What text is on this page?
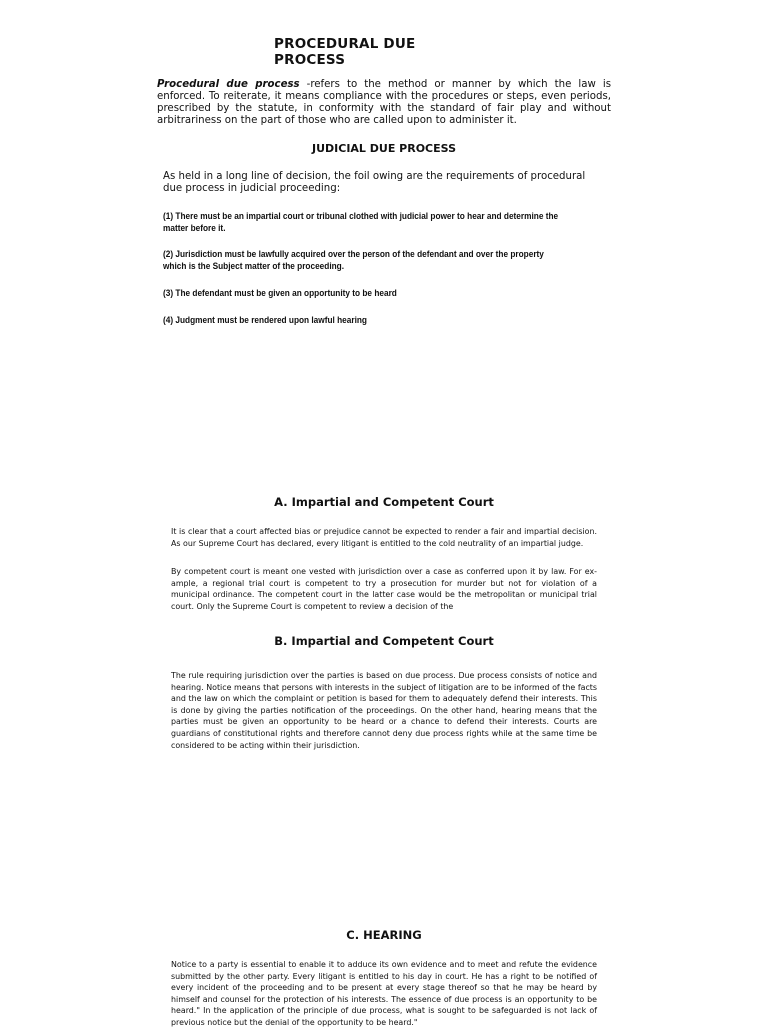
PROCEDURAL DUE
PROCESS
Procedural due process -refers to the method or manner by which the law is enforced. To reiterate, it means compliance with the procedures or steps, even periods, prescribed by the statute, in conformity with the standard of fair play and without arbitrariness on the part of those who are called upon to administer it.
JUDICIAL DUE PROCESS
As held in a long line of decision, the foil owing are the requirements of procedural due process in judicial proceeding:
(1) There must be an impartial court or tribunal clothed with judicial power to hear and determine the matter before it.
(2) Jurisdiction must be lawfully acquired over the person of the defendant and over the property which is the Subject matter of the proceeding.
(3) The defendant must be given an opportunity to be heard
(4) Judgment must be rendered upon lawful hearing
A. Impartial and Competent Court
It is clear that a court affected bias or prejudice cannot be expected to render a fair and impartial decision. As our Supreme Court has declared, every litigant is entitled to the cold neutrality of an impartial judge.
By competent court is meant one vested with jurisdiction over a case as conferred upon it by law. For ex- ample, a regional trial court is competent to try a prosecution for murder but not for violation of a municipal ordinance. The competent court in the latter case would be the metropolitan or municipal trial court. Only the Supreme Court is competent to review a decision of the
B. Impartial and Competent Court
The rule requiring jurisdiction over the parties is based on due process. Due process consists of notice and hearing. Notice means that persons with interests in the subject of litigation are to be informed of the facts and the law on which the complaint or petition is based for them to adequately defend their interests. This is done by giving the parties notification of the proceedings. On the other hand, hearing means that the parties must be given an opportunity to be heard or a chance to defend their interests. Courts are guardians of constitutional rights and therefore cannot deny due process rights while at the same time be considered to be acting within their jurisdiction.
C. HEARING
Notice to a party is essential to enable it to adduce its own evidence and to meet and refute the evidence submitted by the other party. Every litigant is entitled to his day in court. He has a right to be notified of every incident of the proceeding and to be present at every stage thereof so that he may be heard by himself and counsel for the protection of his interests. The essence of due process is an opportunity to be heard." In the application of the principle of due process, what is sought to be safeguarded is not lack of previous notice but the denial of the opportunity to be heard."
